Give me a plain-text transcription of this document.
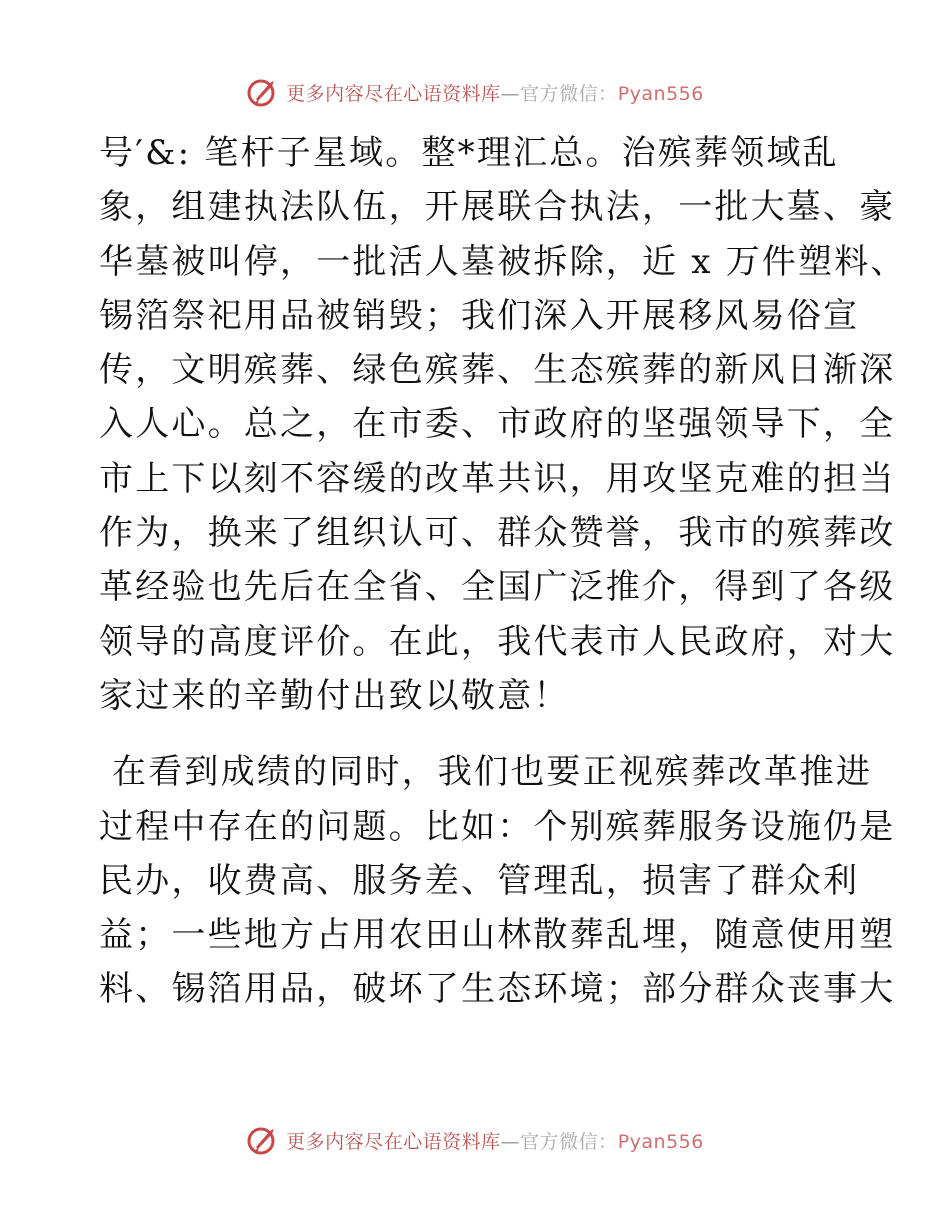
更多内容尽在心语资料库—官方微信：Pyan556
号′&: 笔杆子星域。整*理汇总。治殡葬领域乱
象，组建执法队伍，开展联合执法，一批大墓、豪
华墓被叫停，一批活人墓被拆除，近 x 万件塑料、
锡箔祭祀用品被销毁；我们深入开展移风易俗宣
传，文明殡葬、绿色殡葬、生态殡葬的新风日渐深
入人心。总之，在市委、市政府的坚强领导下，全
市上下以刻不容缓的改革共识，用攻坚克难的担当
作为，换来了组织认可、群众赞誉，我市的殡葬改
革经验也先后在全省、全国广泛推介，得到了各级
领导的高度评价。在此，我代表市人民政府，对大
家过来的辛勤付出致以敬意！
在看到成绩的同时，我们也要正视殡葬改革推进
过程中存在的问题。比如：个别殡葬服务设施仍是
民办，收费高、服务差、管理乱，损害了群众利
益；一些地方占用农田山林散葬乱埋，随意使用塑
料、锡箔用品，破坏了生态环境；部分群众丧事大
更多内容尽在心语资料库—官方微信：Pyan556
